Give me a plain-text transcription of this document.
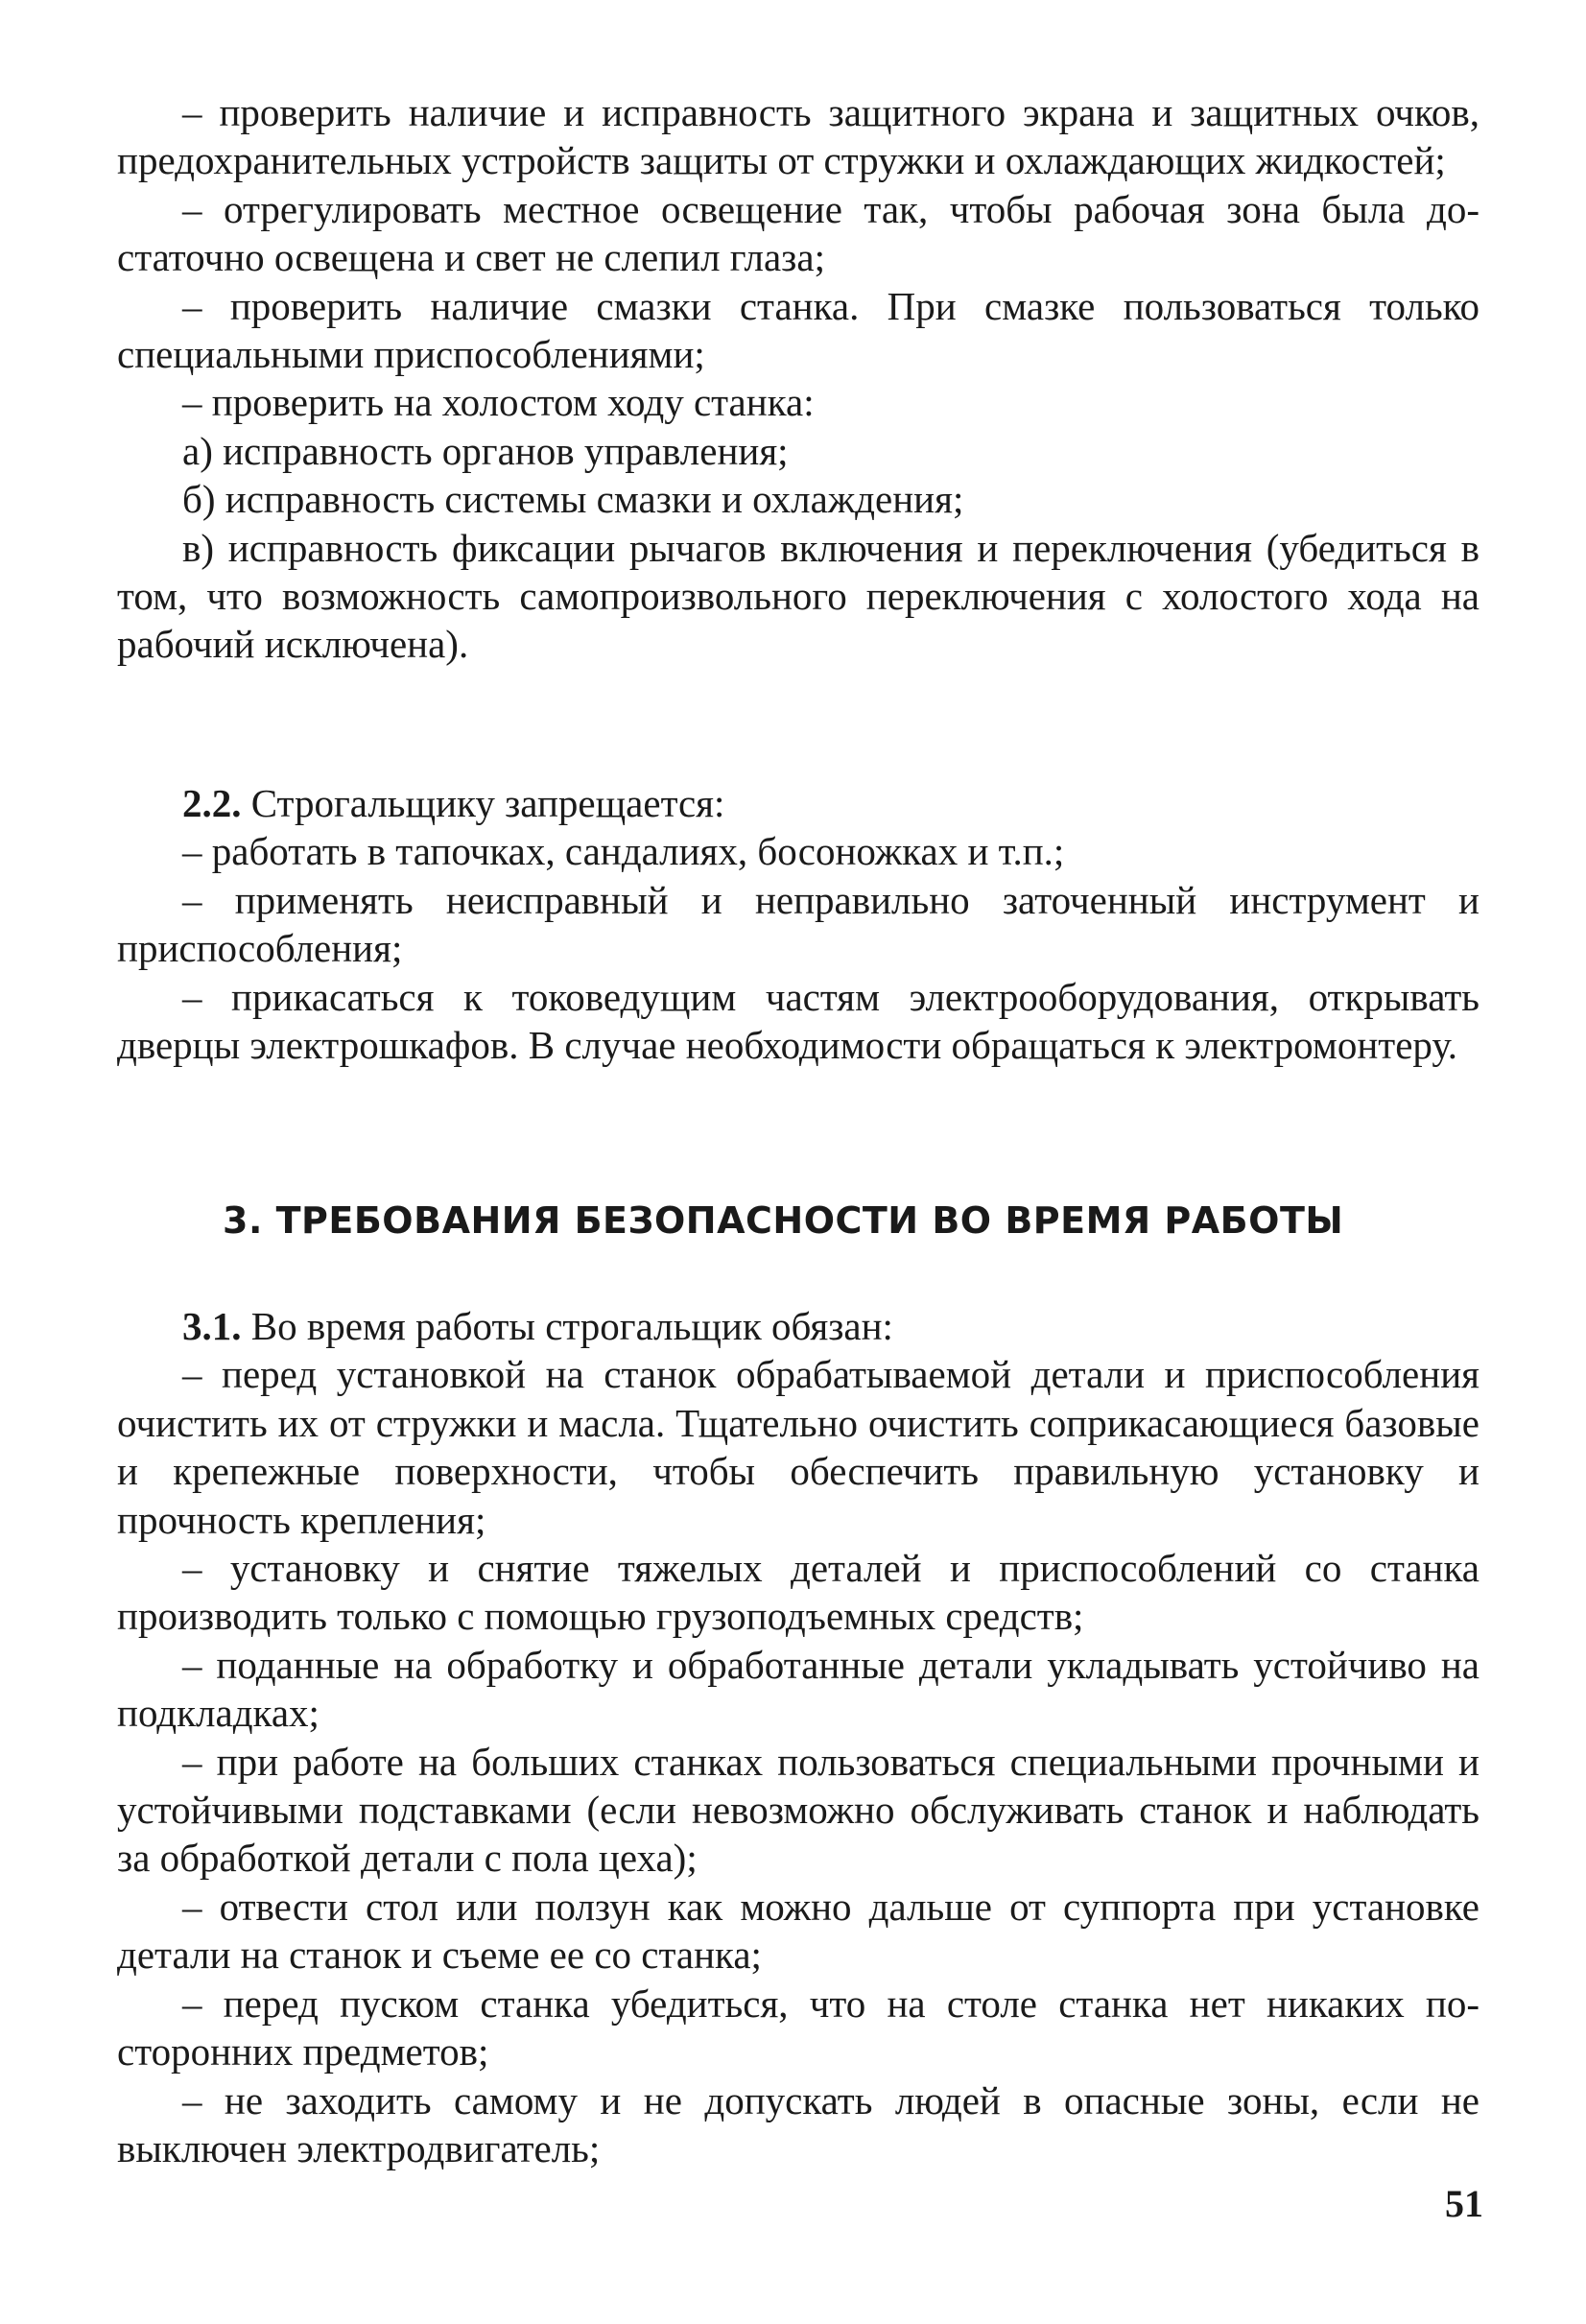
– проверить наличие и исправность защитного экрана и защитных очков, предохранительных устройств защиты от стружки и охлаждающих жидкостей;

– отрегулировать местное освещение так, чтобы рабочая зона была достаточно освещена и свет не слепил глаза;

– проверить наличие смазки станка. При смазке пользоваться только специальными приспособлениями;

– проверить на холостом ходу станка:

а) исправность органов управления;

б) исправность системы смазки и охлаждения;

в) исправность фиксации рычагов включения и переключения (убедиться в том, что возможность самопроизвольного переключения с холостого хода на рабочий исключена).

2.2. Строгальщику запрещается:

– работать в тапочках, сандалиях, босоножках и т.п.;

– применять неисправный и неправильно заточенный инструмент и приспособления;

– прикасаться к токоведущим частям электрооборудования, открывать дверцы электрошкафов. В случае необходимости обращаться к электромонтеру.

3. ТРЕБОВАНИЯ БЕЗОПАСНОСТИ ВО ВРЕМЯ РАБОТЫ

3.1. Во время работы строгальщик обязан:

– перед установкой на станок обрабатываемой детали и приспособления очистить их от стружки и масла. Тщательно очистить соприкасающиеся базовые и крепежные поверхности, чтобы обеспечить правильную установку и прочность крепления;

– установку и снятие тяжелых деталей и приспособлений со станка производить только с помощью грузоподъемных средств;

– поданные на обработку и обработанные детали укладывать устойчиво на подкладках;

– при работе на больших станках пользоваться специальными прочными и устойчивыми подставками (если невозможно обслуживать станок и наблюдать за обработкой детали с пола цеха);

– отвести стол или ползун как можно дальше от суппорта при установке детали на станок и съеме ее со станка;

– перед пуском станка убедиться, что на столе станка нет никаких посторонних предметов;

– не заходить самому и не допускать людей в опасные зоны, если не выключен электродвигатель;

51
